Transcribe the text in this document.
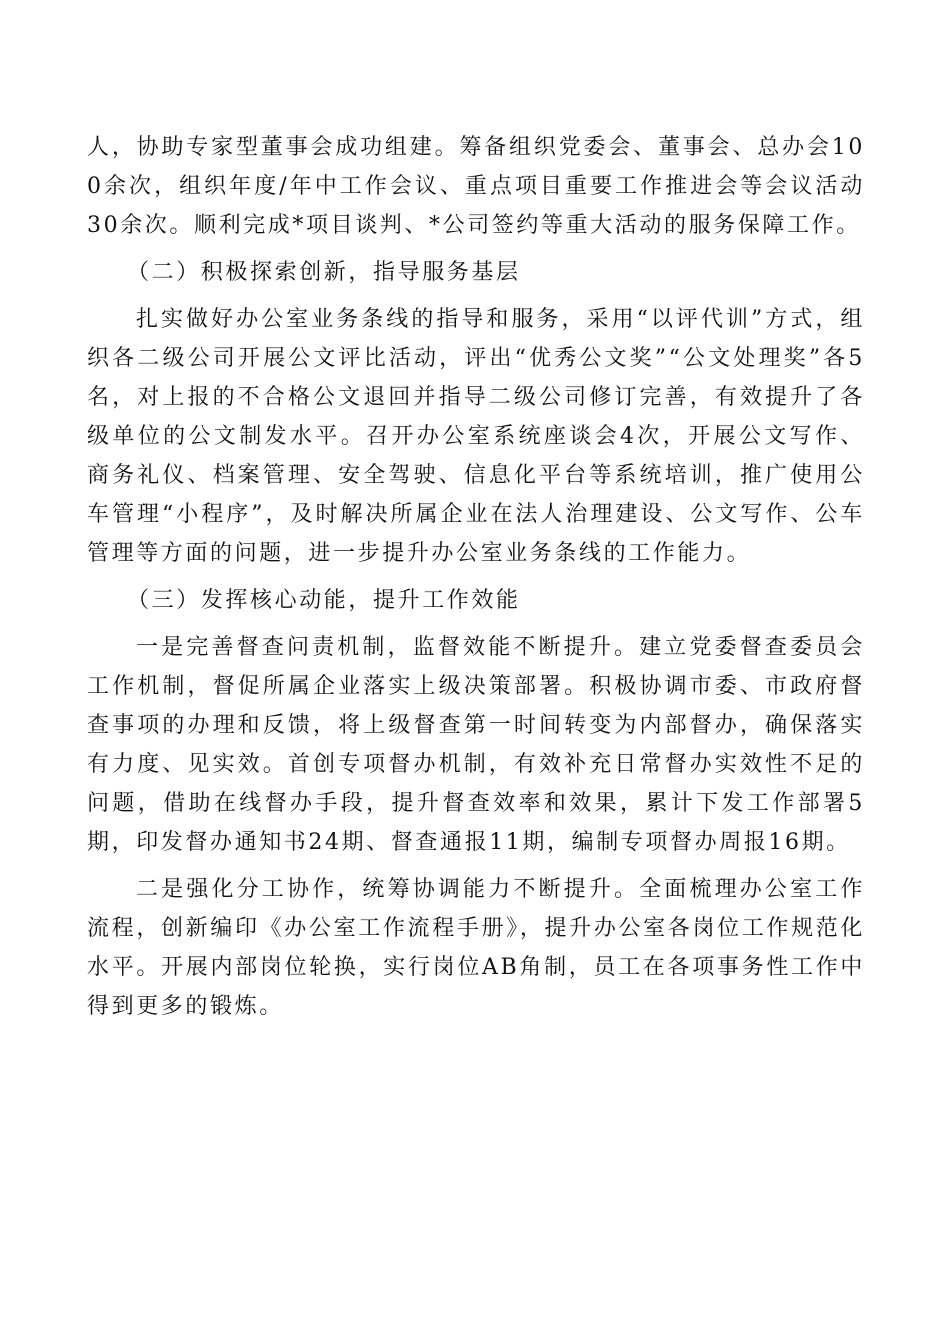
人，协助专家型董事会成功组建。筹备组织党委会、董事会、总办会100余次，组织年度/年中工作会议、重点项目重要工作推进会等会议活动30余次。顺利完成*项目谈判、*公司签约等重大活动的服务保障工作。

（二）积极探索创新，指导服务基层

扎实做好办公室业务条线的指导和服务，采用“以评代训”方式，组织各二级公司开展公文评比活动，评出“优秀公文奖”“公文处理奖”各5名，对上报的不合格公文退回并指导二级公司修订完善，有效提升了各级单位的公文制发水平。召开办公室系统座谈会4次，开展公文写作、商务礼仪、档案管理、安全驾驶、信息化平台等系统培训，推广使用公车管理“小程序”，及时解决所属企业在法人治理建设、公文写作、公车管理等方面的问题，进一步提升办公室业务条线的工作能力。

（三）发挥核心动能，提升工作效能

一是完善督查问责机制，监督效能不断提升。建立党委督查委员会工作机制，督促所属企业落实上级决策部署。积极协调市委、市政府督查事项的办理和反馈，将上级督查第一时间转变为内部督办，确保落实有力度、见实效。首创专项督办机制，有效补充日常督办实效性不足的问题，借助在线督办手段，提升督查效率和效果，累计下发工作部署5期，印发督办通知书24期、督查通报11期，编制专项督办周报16期。

二是强化分工协作，统筹协调能力不断提升。全面梳理办公室工作流程，创新编印《办公室工作流程手册》，提升办公室各岗位工作规范化水平。开展内部岗位轮换，实行岗位AB角制，员工在各项事务性工作中得到更多的锻炼。
